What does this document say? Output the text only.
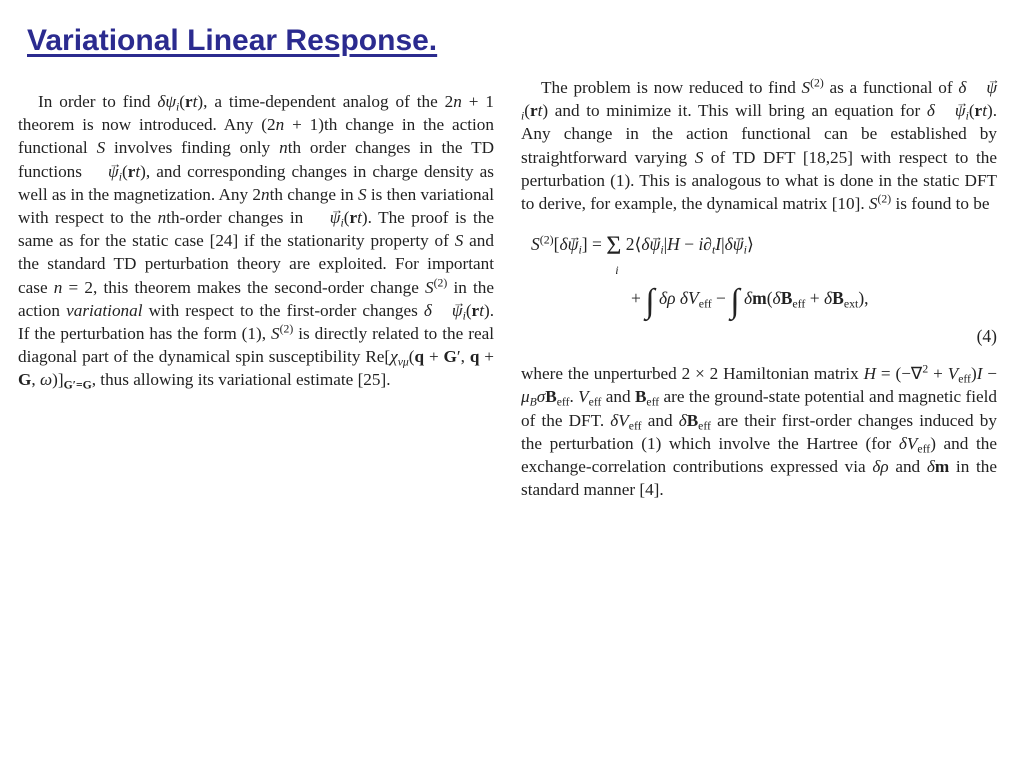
Variational Linear Response.

In order to find $\delta\psi_i(rt)$, a time-dependent analog of the 2n + 1 theorem is now introduced. Any (2n + 1)th change in the action functional S involves finding only nth order changes in the TD functions → $\psi_i(rt)$, and corresponding changes in charge density as well as in the magnetization. Any 2nth change in S is then variational with respect to the nth-order changes in → $\psi_i(rt)$. The proof is the same as for the static case [24] if the stationarity property of S and the standard TD perturbation theory are exploited. For important case n = 2, this theorem makes the second-order change $S^{(2)}$ in the action variational with respect to the first-order changes $\delta \to \psi_i(rt)$. If the perturbation has the form (1), $S^{(2)}$ is directly related to the real diagonal part of the dynamical spin susceptibility $Re[\chi_{\nu\mu}(q + G'$, q + G, $\omega)]_{G'=G}$, thus allowing its variational estimate [25].

The problem is now reduced to find $S^{(2)}$ as a functional of $\delta \to \psi_i(rt)$ and to minimize it. This will bring an equation for $\delta \to \psi_i(rt)$. Any change in the action functional can be established by straightforward varying S of TD DFT [18,25] with respect to the perturbation (1). This is analogous to what is done in the static DFT to derive, for example, the dynamical matrix [10]. $S^{(2)}$ is found to be

$S^{(2)}[\delta\to \psi_i] = \Sigma$
i
2⟨δ→ $\psi_i|H - i\partial_tI|\delta\to$ $\psi_i⟩$
+ ∫ δρ $\delta V_{eff}$ − ∫ $\delta m(\delta B_{eff} + \delta B_{ext})$,
(4)

where the unperturbed 2 × 2 Hamiltonian matrix $H = (-\nabla^2 + V_{eff})I - \mu_B\sigma B_{eff}$. $V_{eff}$ and $B_{eff}$ are the ground-state potential and magnetic field of the DFT. $\delta V_{eff}$ and $\delta B_{eff}$ are their first-order changes induced by the perturbation (1) which involve the Hartree (for $\delta V_{eff}$) and the exchange-correlation contributions expressed via δρ and δm in the standard manner [4].
